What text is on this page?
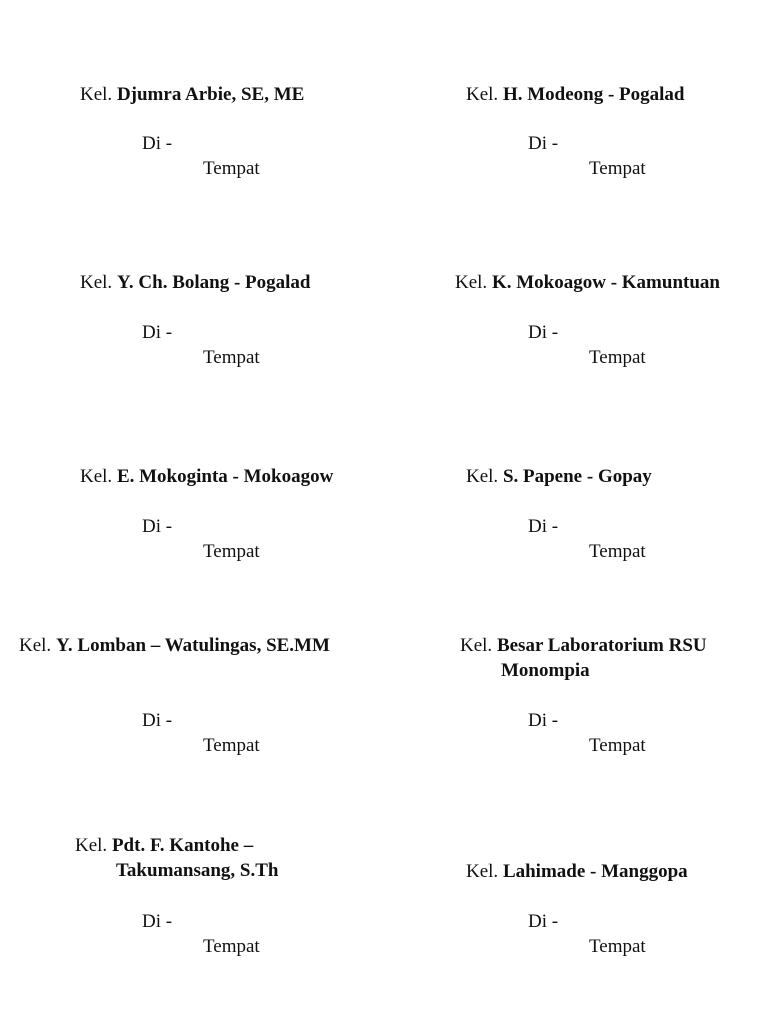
Kel. Djumra Arbie, SE, ME
Di -
Tempat
Kel. H. Modeong - Pogalad
Di -
Tempat
Kel. Y. Ch. Bolang - Pogalad
Di -
Tempat
Kel. K. Mokoagow - Kamuntuan
Di -
Tempat
Kel. E. Mokoginta - Mokoagow
Di -
Tempat
Kel. S. Papene - Gopay
Di -
Tempat
Kel. Y. Lomban – Watulingas, SE.MM
Di -
Tempat
Kel. Besar Laboratorium RSU
Monompia
Di -
Tempat
Kel. Pdt. F. Kantohe –
Takumansang, S.Th
Di -
Tempat
Kel. Lahimade - Manggopa
Di -
Tempat
